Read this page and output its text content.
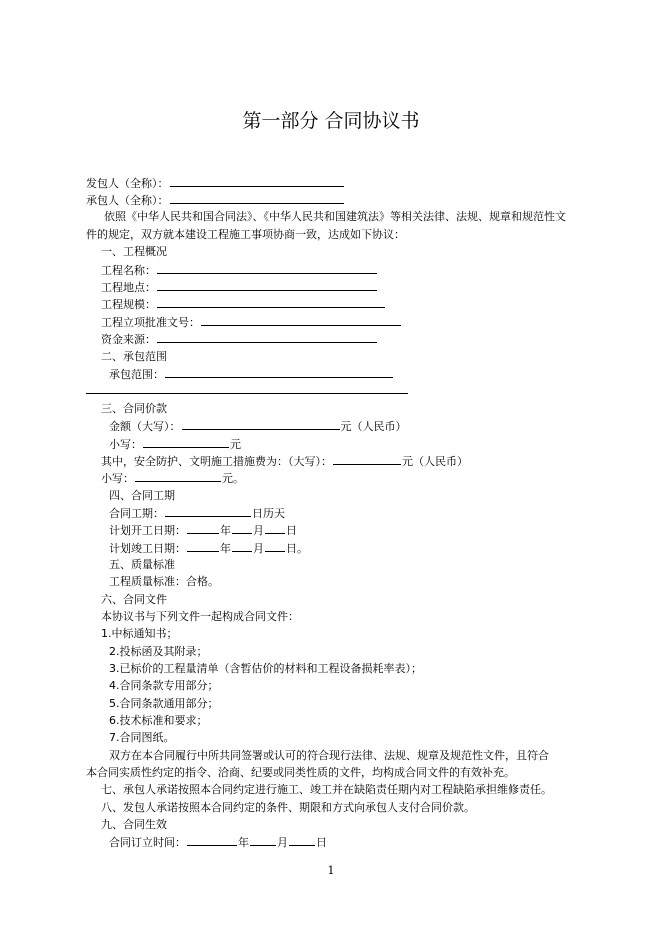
第一部分 合同协议书
发包人（全称）：
承包人（全称）：
依照《中华人民共和国合同法》、《中华人民共和国建筑法》等相关法律、法规、规章和规范性文
件的规定，双方就本建设工程施工事项协商一致，达成如下协议：
一、工程概况
工程名称：
工程地点：
工程规模：
工程立项批准文号：
资金来源：
二、承包范围
承包范围：
三、合同价款
金额（大写）：	元（人民币）
小写：	元
其中，安全防护、文明施工措施费为：（大写）：	元（人民币）
小写：	元。
四、合同工期
合同工期：	日历天
计划开工日期：	年 月 日
计划竣工日期：	年 月 日。
五、质量标准
工程质量标准：合格。
六、合同文件
本协议书与下列文件一起构成合同文件：
1.中标通知书；
2.投标函及其附录；
3.已标价的工程量清单（含暂估价的材料和工程设备损耗率表）；
4.合同条款专用部分；
5.合同条款通用部分；
6.技术标准和要求；
7.合同图纸。
双方在本合同履行中所共同签署或认可的符合现行法律、法规、规章及规范性文件，且符合
本合同实质性约定的指令、洽商、纪要或同类性质的文件，均构成合同文件的有效补充。
七、承包人承诺按照本合同约定进行施工、竣工并在缺陷责任期内对工程缺陷承担维修责任。
八、发包人承诺按照本合同约定的条件、期限和方式向承包人支付合同价款。
九、合同生效
合同订立时间：	年	月	日
1
